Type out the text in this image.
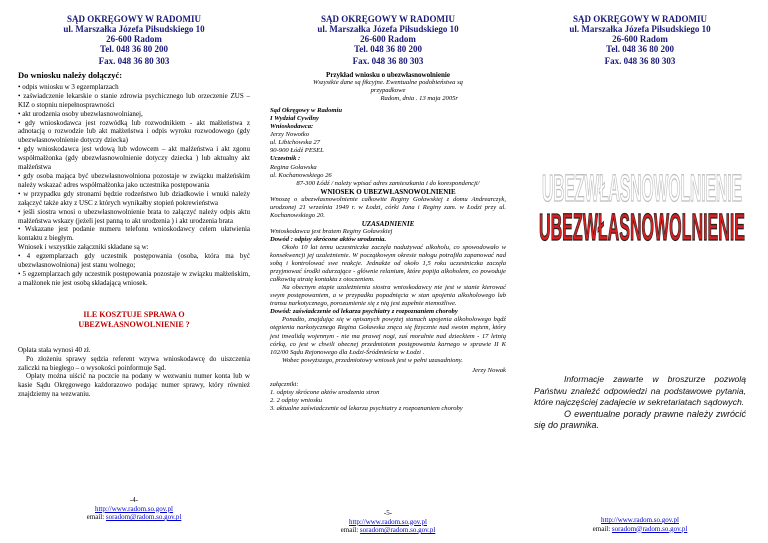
SĄD OKRĘGOWY W RADOMIU
ul. Marszałka Józefa Piłsudskiego 10
26-600 Radom
Tel. 048 36 80 200
Fax. 048 36 80 303
Do wniosku należy dołączyć:

• odpis wniosku w 3 egzemplarzach

• zaświadczenie lekarskie o stanie zdrowia psychicznego lub orzeczenie ZUS – KIZ o stopniu niepełnosprawności

• akt urodzenia osoby ubezwłasnowolnianej,

• gdy wnioskodawca jest rozwódką lub rozwodnikiem - akt małżeństwa z adnotacją o rozwodzie lub akt małżeństwa i odpis wyroku rozwodowego (gdy ubezwłasnowolnienie dotyczy dziecka)

• gdy wnioskodawca jest wdową lub wdowcem – akt małżeństwa i akt zgonu współmałżonka (gdy ubezwłasnowolnienie dotyczy dziecka ) lub aktualny akt małżeństwa

• gdy osoba mająca być ubezwłasnowolniona pozostaje w związku małżeńskim należy wskazać adres współmałżonka jako uczestnika postępowania

• w przypadku gdy stronami będzie rodzeństwo lub dziadkowie i wnuki należy załączyć także akty z USC z których wynikałby stopień pokrewieństwa

• jeśli siostra wnosi o ubezwłasnowolnienie brata to załączyć należy odpis aktu małżeństwa wskazy (jeżeli jest panną to akt urodzenia ) i akt urodzenia brata

• Wskazane jest podanie numeru telefonu wnioskodawcy celem ułatwienia kontaktu z biegłym.

Wniosek i wszystkie załączniki składane są w:

• 4 egzemplarzach gdy uczestnik postępowania (osoba, która ma być ubezwłasnowolniona) jest stanu wolnego;

• 5 egzemplarzach gdy uczestnik postępowania pozostaje w związku małżeńskim, a małżonek nie jest osobą składającą wniosek.

ILE KOSZTUJE SPRAWA O
UBEZWŁASNOWOLNIENIE ?

Opłata stała wynosi 40 zł.

Po złożeniu sprawy sędzia referent wzywa wnioskodawcę do uiszczenia zaliczki na biegłego – o wysokości poinformuje Sąd.

Opłaty można uiścić na poczcie na podany w wezwaniu numer konta lub w kasie Sądu Okręgowego każdorazowo podając numer sprawy, który również znajdziemy na wezwaniu.

-4-
http://www.radom.so.gov.pl
email: soradom@radom.so.gov.pl
SĄD OKRĘGOWY W RADOMIU
ul. Marszałka Józefa Piłsudskiego 10
26-600 Radom
Tel. 048 36 80 200
Fax. 048 36 80 303

Przykład wniosku o ubezwłasnowolnienie

Wszystkie dane są fikcyjne. Ewentualne podobieństwa są

przypadkowe

Radom, dnia . 13 maja 2005r

Sąd Okręgowy w Radomiu

I Wydział Cywilny

Wnioskodawca:

Jerzy Nowotko

ul. Libichowska 27

90-900 Łódź PESEL

Uczestnik :

Regina Goławska

ul. Kochanowskiego 26

87-300 Łódź / należy wpisać adres zamieszkania i do korespondencji/

WNIOSEK O UBEZWŁASNOWOLNIENIE

Wnoszę o ubezwłasnowolnienie całkowite Reginy Goławskiej z domu Andrearczyk, urodzonej 21 września 1949 r. w Łodzi, córki Jana i Reginy zam. w Łodzi przy ul. Kochanowskiego 20.

UZASADNIENIE

Wnioskodawca jest bratem Reginy Goławskiej

Dowód : odpisy skrócone aktów urodzenia.

Około 10 lat temu uczestniczka zaczęła nadużywać alkoholu, co spowodowało w konsekwencji jej uzależnienie. W początkowym okresie nałogu potrafiła zapanować nad sobą i kontrolować swe reakcje. Jednakże od około 1,5 roku uczestniczka zaczęła przyjmować środki odurzające - głównie relanium, które popija alkoholem, co powoduje całkowitą utratę kontaktu z otoczeniem.

Na obecnym etapie uzależnienia siostra wnioskodawcy nie jest w stanie kierować swym postępowaniem, a w przypadku popadnięcia w stan upojenia alkoholowego lub transu narkotycznego, porozumienie się z nią jest zupełnie niemożliwe.

Dowód: zaświadczenie od lekarza psychiatry z rozpoznaniem choroby

Ponadto, znajdując się w opisanych powyżej stanach upojenia alkoholowego bądź otępienia narkotycznego Regina Goławska znęca się fizycznie nad swoim mężem, który jest inwalidą wojennym - nie ma prawej nogi, zaś moralnie nad dzieckiem - 17 letnią córką, co jest w chwili obecnej przedmiotem postępowania karnego w sprawie II K 102/00 Sądu Rejonowego dla Łodzi-Śródmieścia w Łodzi .

Wobec powyższego, przedmiotowy wniosek jest w pełni uzasadniony.

Jerzy Nowak

załączniki:

1. odpisy skrócone aktów urodzenia stron

2. 2 odpisy wniosku

3. aktualne zaświadczenie od lekarza psychiatry z rozpoznaniem choroby

-5-
http://www.radom.so.gov.pl
email: soradom@radom.so.gov.pl
SĄD OKRĘGOWY W RADOMIU
ul. Marszałka Józefa Piłsudskiego 10
26-600 Radom
Tel. 048 36 80 200
Fax. 048 36 80 303
UBEZWŁASNOWOLNIENIE
UBEZWŁASNOWOLNIENIE
Informacje zawarte w broszurze pozwolą Państwu znaleźć odpowiedzi na podstawowe pytania, które najczęściej zadajecie w sekretariatach sądowych.
O ewentualne porady prawne należy zwrócić się do prawnika.
http://www.radom.so.gov.pl
email: soradom@radom.so.gov.pl
